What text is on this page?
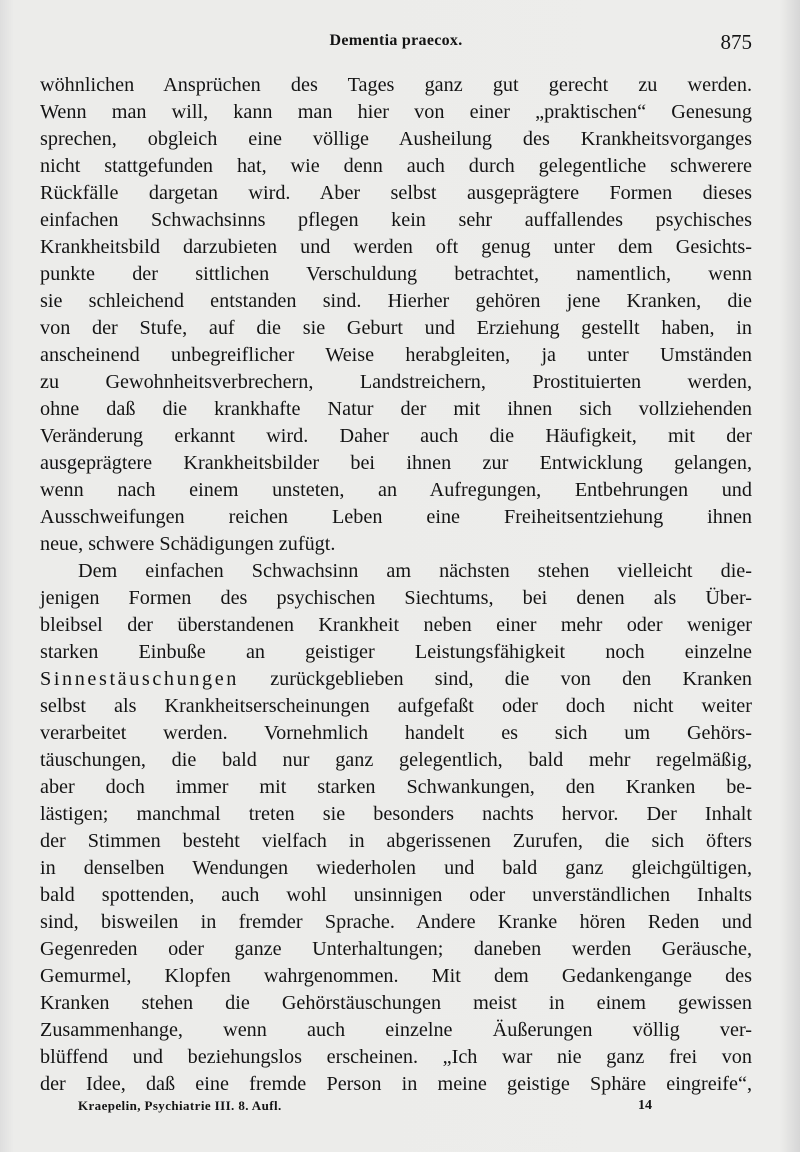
Dementia praecox.	875
wöhnlichen Ansprüchen des Tages ganz gut gerecht zu werden.
Wenn man will, kann man hier von einer „praktischen“ Genesung
sprechen, obgleich eine völlige Ausheilung des Krankheitsvorganges
nicht stattgefunden hat, wie denn auch durch gelegentliche schwerere
Rückfälle dargetan wird. Aber selbst ausgeprägtere Formen dieses
einfachen Schwachsinns pflegen kein sehr auffallendes psychisches
Krankheitsbild darzubieten und werden oft genug unter dem Gesichts-
punkte der sittlichen Verschuldung betrachtet, namentlich, wenn
sie schleichend entstanden sind. Hierher gehören jene Kranken, die
von der Stufe, auf die sie Geburt und Erziehung gestellt haben, in
anscheinend unbegreiflicher Weise herabgleiten, ja unter Umständen
zu Gewohnheitsverbrechern, Landstreichern, Prostituierten werden,
ohne daß die krankhafte Natur der mit ihnen sich vollziehenden
Veränderung erkannt wird. Daher auch die Häufigkeit, mit der
ausgeprägtere Krankheitsbilder bei ihnen zur Entwicklung gelangen,
wenn nach einem unsteten, an Aufregungen, Entbehrungen und
Ausschweifungen reichen Leben eine Freiheitsentziehung ihnen
neue, schwere Schädigungen zufügt.
Dem einfachen Schwachsinn am nächsten stehen vielleicht die-
jenigen Formen des psychischen Siechtums, bei denen als Über-
bleibsel der überstandenen Krankheit neben einer mehr oder weniger
starken Einbuße an geistiger Leistungsfähigkeit noch einzelne
Sinnestäuschungen zurückgeblieben sind, die von den Kranken
selbst als Krankheitserscheinungen aufgefaßt oder doch nicht weiter
verarbeitet werden. Vornehmlich handelt es sich um Gehörs-
täuschungen, die bald nur ganz gelegentlich, bald mehr regelmäßig,
aber doch immer mit starken Schwankungen, den Kranken be-
lästigen; manchmal treten sie besonders nachts hervor. Der Inhalt
der Stimmen besteht vielfach in abgerissenen Zurufen, die sich öfters
in denselben Wendungen wiederholen und bald ganz gleichgültigen,
bald spottenden, auch wohl unsinnigen oder unverständlichen Inhalts
sind, bisweilen in fremder Sprache. Andere Kranke hören Reden und
Gegenreden oder ganze Unterhaltungen; daneben werden Geräusche,
Gemurmel, Klopfen wahrgenommen. Mit dem Gedankengange des
Kranken stehen die Gehörstäuschungen meist in einem gewissen
Zusammenhange, wenn auch einzelne Äußerungen völlig ver-
blüffend und beziehungslos erscheinen. „Ich war nie ganz frei von
der Idee, daß eine fremde Person in meine geistige Sphäre eingreife“,
Kraepelin, Psychiatrie III. 8. Aufl.	14
